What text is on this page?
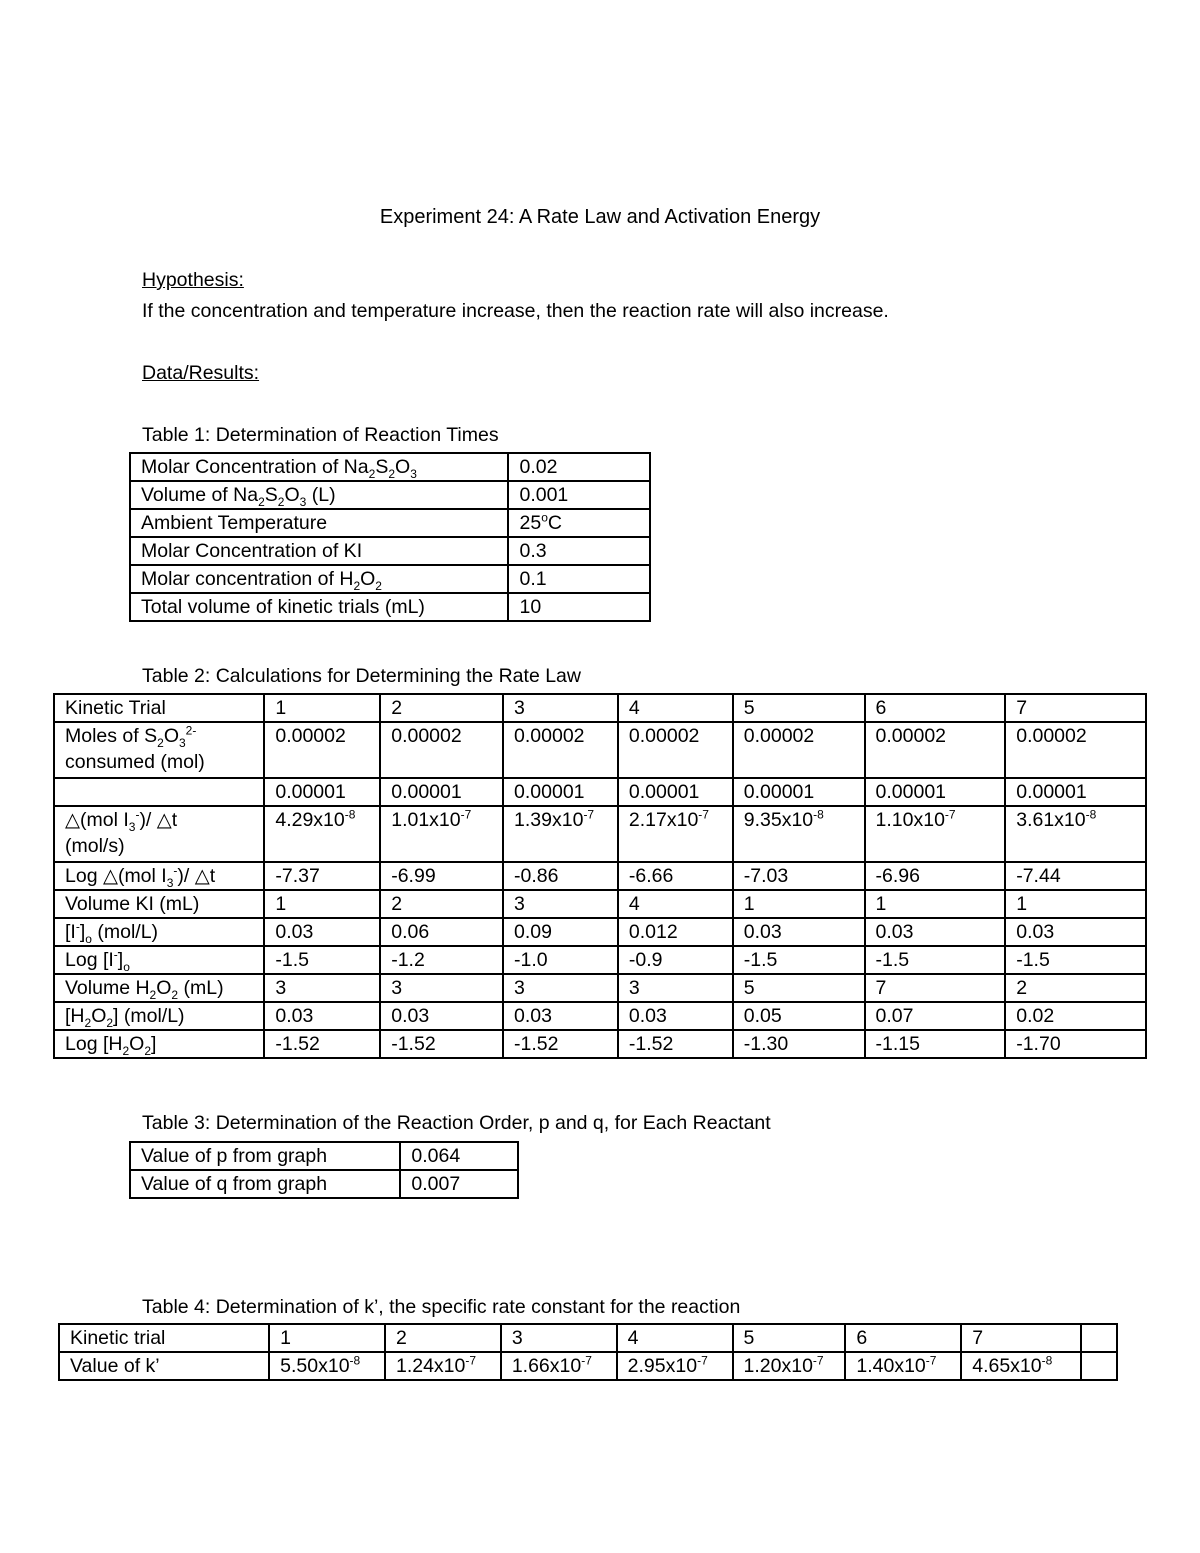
Experiment 24: A Rate Law and Activation Energy
Hypothesis:
If the concentration and temperature increase, then the reaction rate will also increase.
Data/Results:
Table 1: Determination of Reaction Times
Molar Concentration of $Na_2S_2O_3$	0.02
Volume of $Na_2S_2O_3$ (L)	0.001
Ambient Temperature	25$^o$C
Molar Concentration of KI	0.3
Molar concentration of $H_2O_2$	0.1
Total volume of kinetic trials (mL)	10
Table 2: Calculations for Determining the Rate Law
Kinetic Trial	1	2	3	4	5	6	7
Moles of $S_2O_3^{2-}$
consumed (mol)	0.00002	0.00002	0.00002	0.00002	0.00002	0.00002	0.00002
	0.00001	0.00001	0.00001	0.00001	0.00001	0.00001	0.00001
△(mol $I_3^-)/$ △t
(mol/s)	$4.29x10^{-8}$	$1.01x10^{-7}$	$1.39x10^{-7}$	$2.17x10^{-7}$	$9.35x10^{-8}$	$1.10x10^{-7}$	$3.61x10^{-8}$
Log △(mol $I_3^-)/$ △t	-7.37	-6.99	-0.86	-6.66	-7.03	-6.96	-7.44
Volume KI (mL)	1	2	3	4	1	1	1
$[I^-]_o$ (mol/L)	0.03	0.06	0.09	0.012	0.03	0.03	0.03
Log $[I^-]_o$	-1.5	-1.2	-1.0	-0.9	-1.5	-1.5	-1.5
Volume $H_2O_2$ (mL)	3	3	3	3	5	7	2
$[H_2O_2]$ (mol/L)	0.03	0.03	0.03	0.03	0.05	0.07	0.02
Log $[H_2O_2]$	-1.52	-1.52	-1.52	-1.52	-1.30	-1.15	-1.70
Table 3: Determination of the Reaction Order, p and q, for Each Reactant
Value of p from graph	0.064
Value of q from graph	0.007
Table 4: Determination of k’, the specific rate constant for the reaction
Kinetic trial	1	2	3	4	5	6	7	
Value of k’	$5.50x10^{-8}$	$1.24x10^{-7}$	$1.66x10^{-7}$	$2.95x10^{-7}$	$1.20x10^{-7}$	$1.40x10^{-7}$	$4.65x10^{-8}$	
